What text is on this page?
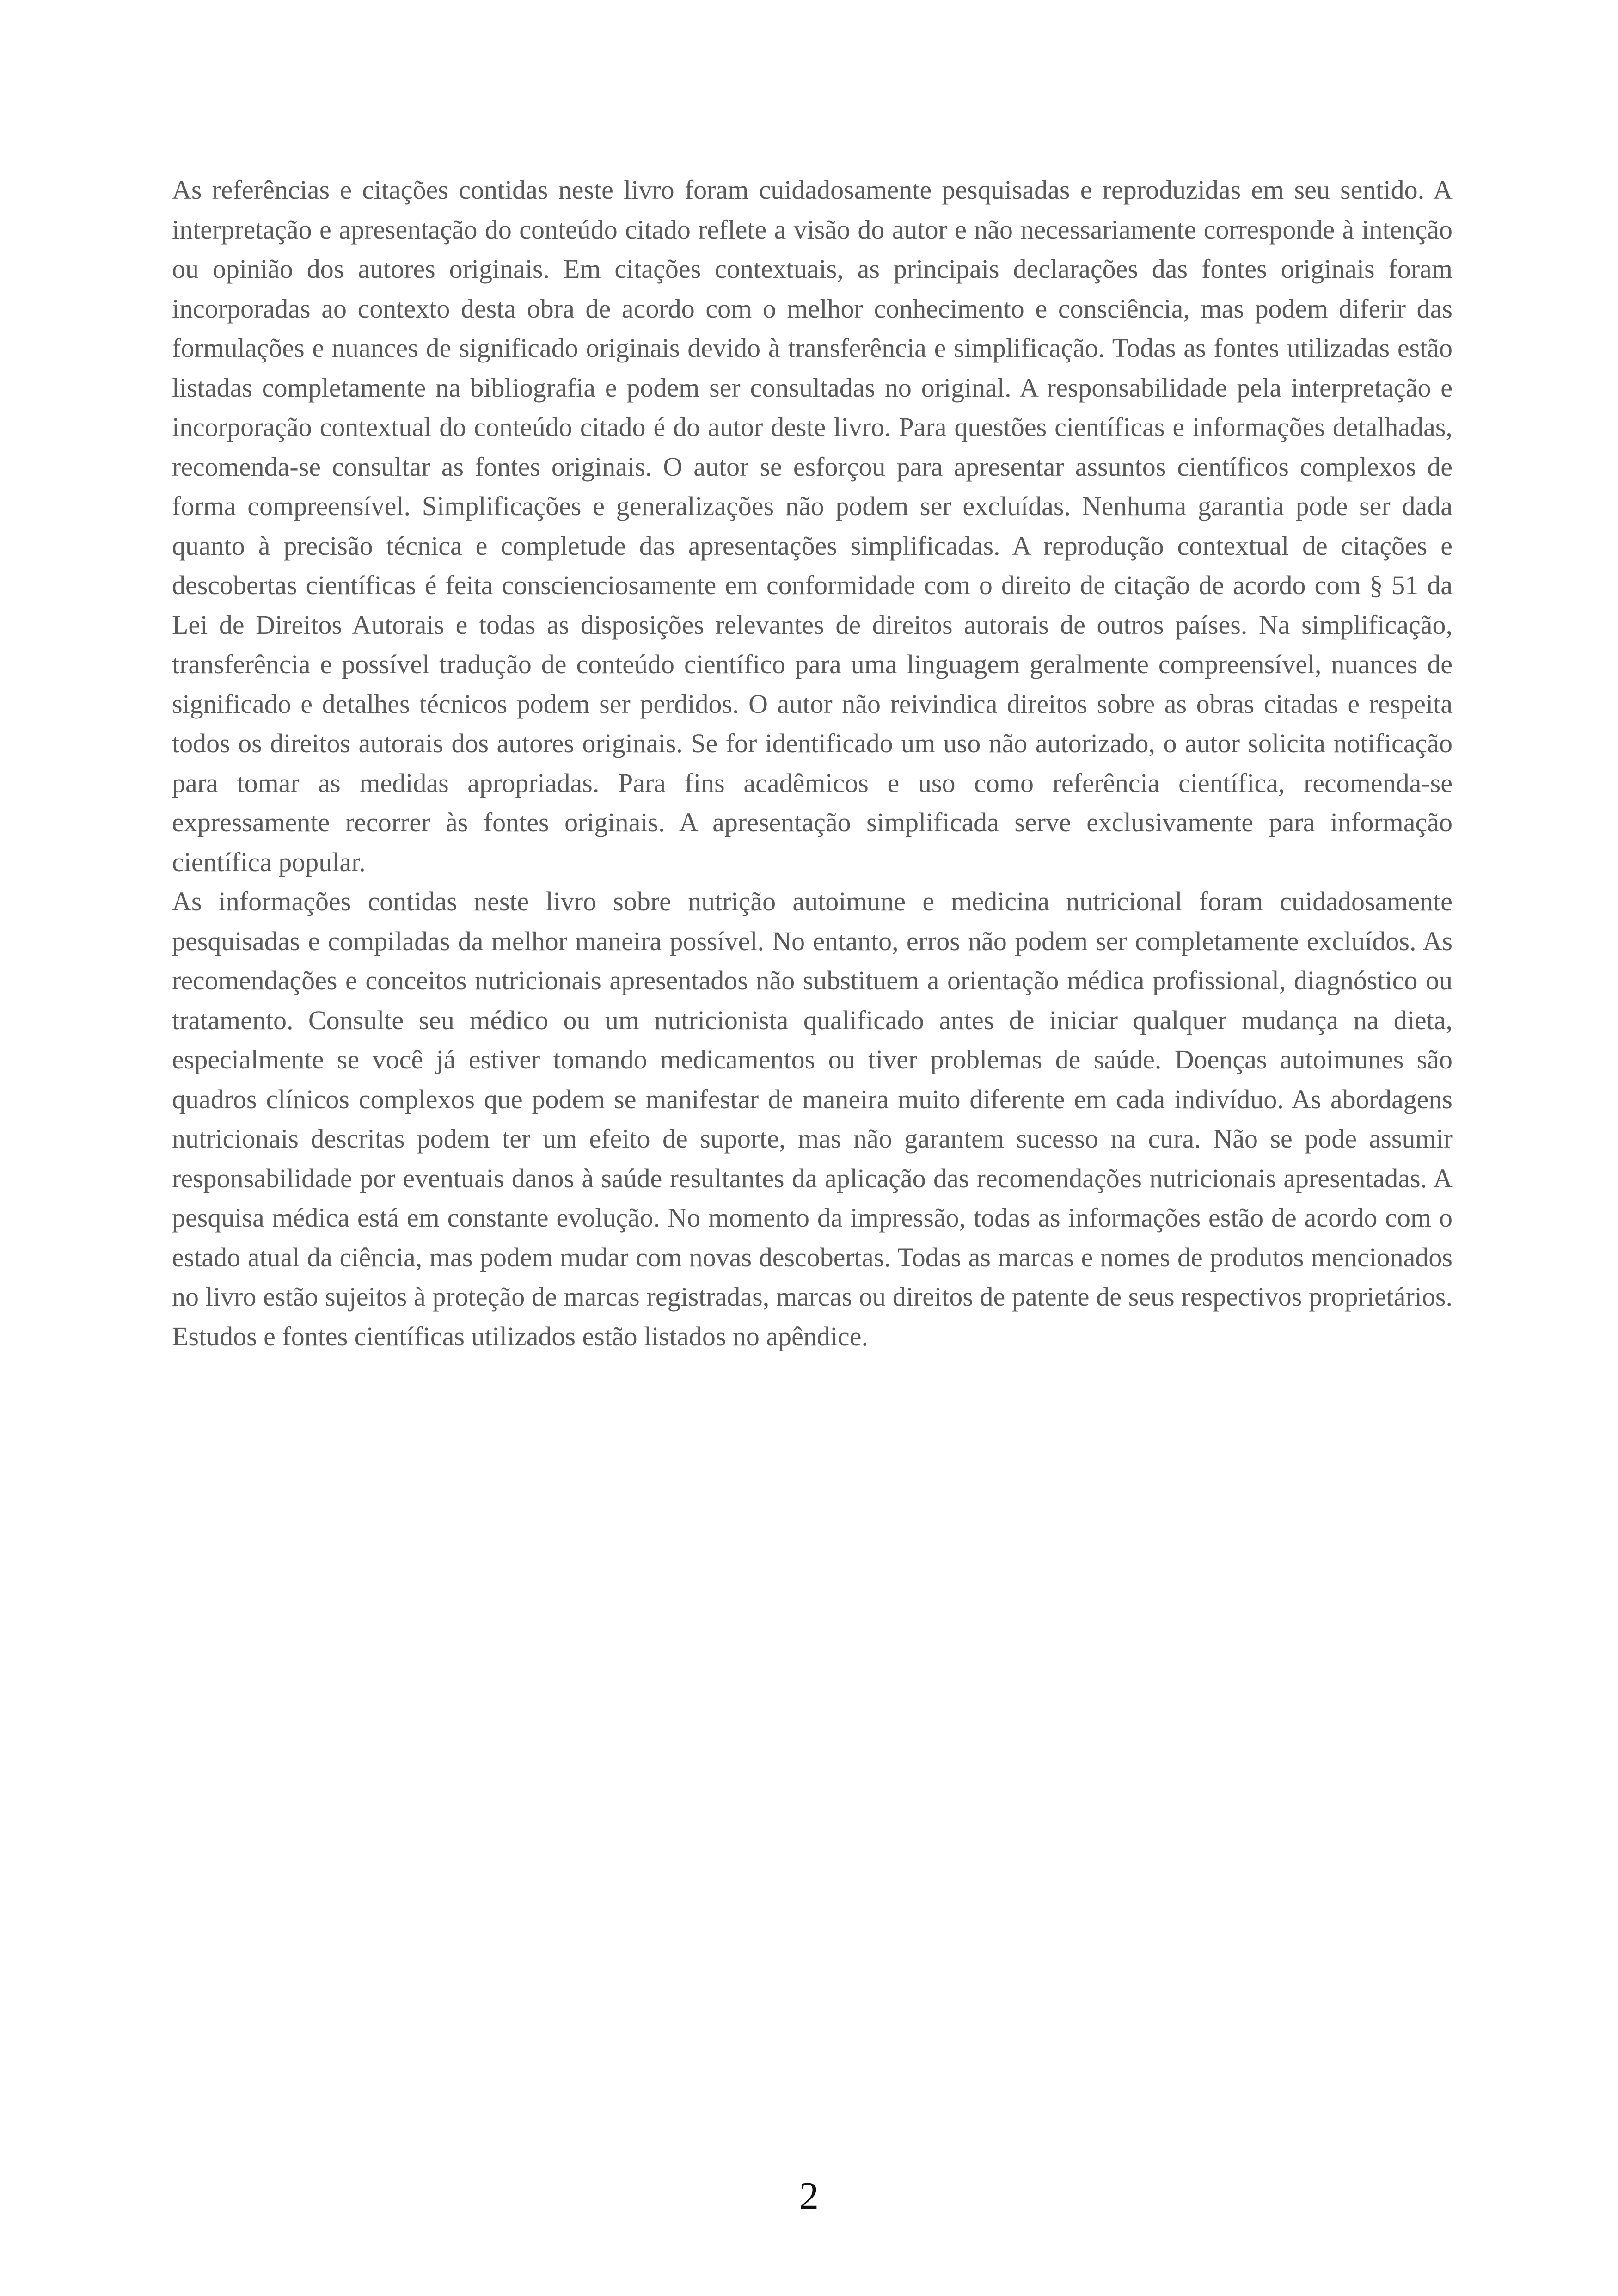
As referências e citações contidas neste livro foram cuidadosamente pesquisadas e reproduzidas em seu sentido. A interpretação e apresentação do conteúdo citado reflete a visão do autor e não necessariamente corresponde à intenção ou opinião dos autores originais. Em citações contextuais, as principais declarações das fontes originais foram incorporadas ao contexto desta obra de acordo com o melhor conhecimento e consciência, mas podem diferir das formulações e nuances de significado originais devido à transferência e simplificação. Todas as fontes utilizadas estão listadas completamente na bibliografia e podem ser consultadas no original. A responsabilidade pela interpretação e incorporação contextual do conteúdo citado é do autor deste livro. Para questões científicas e informações detalhadas, recomenda-se consultar as fontes originais. O autor se esforçou para apresentar assuntos científicos complexos de forma compreensível. Simplificações e generalizações não podem ser excluídas. Nenhuma garantia pode ser dada quanto à precisão técnica e completude das apresentações simplificadas. A reprodução contextual de citações e descobertas científicas é feita conscienciosamente em conformidade com o direito de citação de acordo com § 51 da Lei de Direitos Autorais e todas as disposições relevantes de direitos autorais de outros países. Na simplificação, transferência e possível tradução de conteúdo científico para uma linguagem geralmente compreensível, nuances de significado e detalhes técnicos podem ser perdidos. O autor não reivindica direitos sobre as obras citadas e respeita todos os direitos autorais dos autores originais. Se for identificado um uso não autorizado, o autor solicita notificação para tomar as medidas apropriadas. Para fins acadêmicos e uso como referência científica, recomenda-se expressamente recorrer às fontes originais. A apresentação simplificada serve exclusivamente para informação científica popular.

As informações contidas neste livro sobre nutrição autoimune e medicina nutricional foram cuidadosamente pesquisadas e compiladas da melhor maneira possível. No entanto, erros não podem ser completamente excluídos. As recomendações e conceitos nutricionais apresentados não substituem a orientação médica profissional, diagnóstico ou tratamento. Consulte seu médico ou um nutricionista qualificado antes de iniciar qualquer mudança na dieta, especialmente se você já estiver tomando medicamentos ou tiver problemas de saúde. Doenças autoimunes são quadros clínicos complexos que podem se manifestar de maneira muito diferente em cada indivíduo. As abordagens nutricionais descritas podem ter um efeito de suporte, mas não garantem sucesso na cura. Não se pode assumir responsabilidade por eventuais danos à saúde resultantes da aplicação das recomendações nutricionais apresentadas. A pesquisa médica está em constante evolução. No momento da impressão, todas as informações estão de acordo com o estado atual da ciência, mas podem mudar com novas descobertas. Todas as marcas e nomes de produtos mencionados no livro estão sujeitos à proteção de marcas registradas, marcas ou direitos de patente de seus respectivos proprietários. Estudos e fontes científicas utilizados estão listados no apêndice.

2
